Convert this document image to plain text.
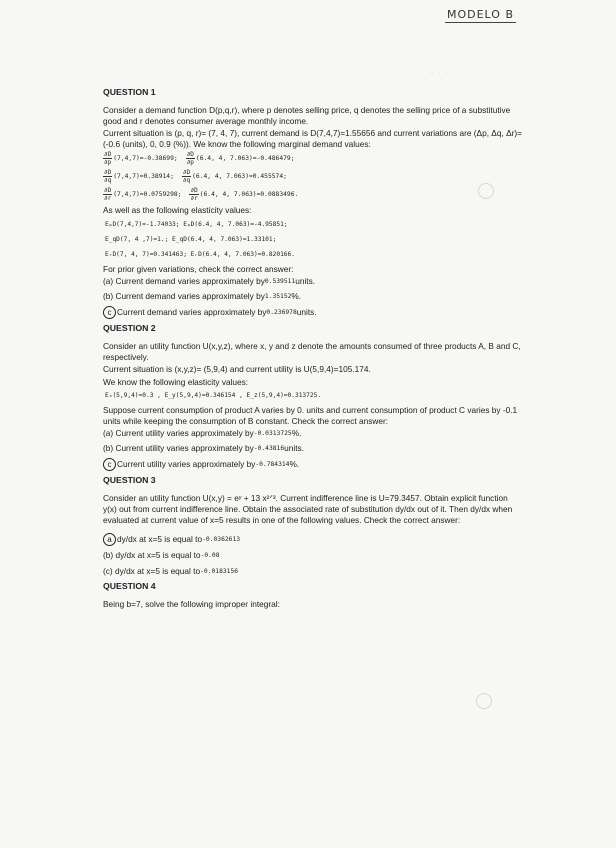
MODELO B
· · ·
QUESTION 1

Consider a demand function D(p,q,r), where p denotes selling price, q denotes the selling price of a substitutive good and r denotes consumer average monthly income.

Current situation is (p, q, r)= (7, 4, 7), current demand is D(7,4,7)=1.55656 and current variations are (Δp, Δq, Δr)= (-0.6 (units), 0, 0.9 (%)). We know the following marginal demand values:

$\frac{\partial D}{\partial p} (7,4,7)=-0.38699$; $\frac{\partial D}{\partial p} (6.4$, 4, 7.063)=-0.486479;
$\frac{\partial D}{\partial q} (7,4,7)=0.38914$; $\frac{\partial D}{\partial q} (6.4$, 4, 7.063)=0.455574;
$\frac{\partial D}{\partial r} (7,4,7)=0.0759298$; $\frac{\partial D}{\partial r} (6.4$, 4, 7.063)=0.0883496.

As well as the following elasticity values:

EₚD(7,4,7)=-1.74033; EₚD(6.4, 4, 7.063)=-4.95851;
E_qD(7, 4 ,7)=1.; E_qD(6.4, 4, 7.063)=1.33101;
EᵣD(7, 4, 7)=0.341463; EᵣD(6.4, 4, 7.063)=0.820166.

For prior given variations, check the correct answer:

(a)
Current demand varies approximately by 0.539511 units.
(b)
Current demand varies approximately by 1.35152 %.
c Current demand varies approximately by 0.236978 units.
QUESTION 2

Consider an utility function U(x,y,z), where x, y and z denote the amounts consumed of three products A, B and C, respectively.

Current situation is (x,y,z)= (5,9,4) and current utility is U(5,9,4)=105.174.

We know the following elasticity values:

Eₓ(5,9,4)=0.3 , E_y(5,9,4)=0.346154 , E_z(5,9,4)=0.313725.

Suppose current consumption of product A varies by 0. units and current consumption of product C varies by -0.1 units while keeping the consumption of B constant. Check the correct answer:

(a)
Current utility varies approximately by -0.0313725 %.
(b)
Current utility varies approximately by -0.43816 units.
c Current utility varies approximately by -0.784314 %.
QUESTION 3

Consider an utility function U(x,y) = eʸ + 13 x²ᐟ³. Current indifference line is U=79.3457. Obtain explicit function y(x) out from current indifference line. Obtain the associated rate of substitution dy/dx out of it. Then dy/dx when evaluated at current value of x=5 results in one of the following values. Check the correct answer:

a dy/dx at x=5 is equal to -0.0362613
(b)
dy/dx at x=5 is equal to -0.08
(c)
dy/dx at x=5 is equal to -0.0183156
QUESTION 4

Being b=7, solve the following improper integral:
